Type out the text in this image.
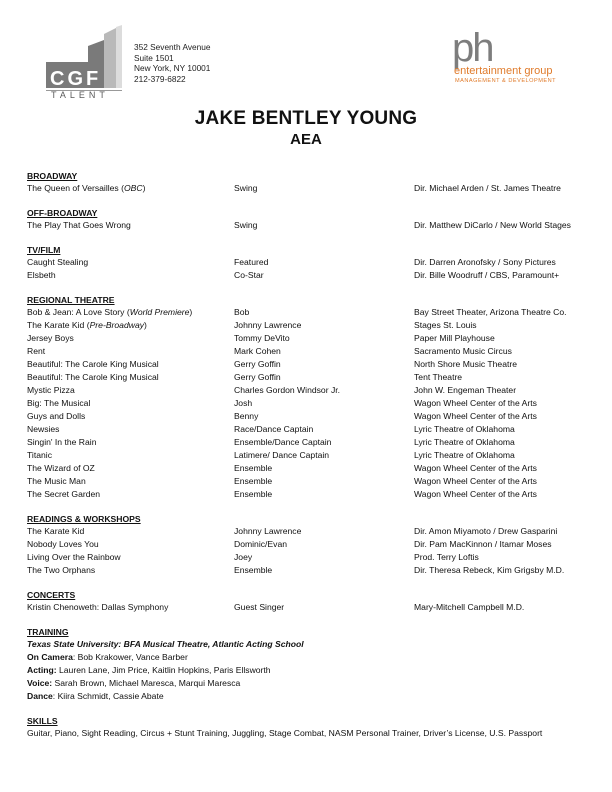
CGF
TALENT
352 Seventh Avenue
Suite 1501
New York, NY 10001
212-379-6822
ph
entertainment group
MANAGEMENT & DEVELOPMENT
JAKE BENTLEY YOUNG
AEA
BROADWAY
The Queen of Versailles (OBC)	Swing	Dir. Michael Arden / St. James Theatre
OFF-BROADWAY
The Play That Goes Wrong	Swing	Dir. Matthew DiCarlo / New World Stages
TV/FILM
Caught Stealing	Featured	Dir. Darren Aronofsky / Sony Pictures
Elsbeth	Co-Star	Dir. Bille Woodruff / CBS, Paramount+
REGIONAL THEATRE
Bob & Jean: A Love Story (World Premiere)	Bob	Bay Street Theater, Arizona Theatre Co.
The Karate Kid (Pre-Broadway)	Johnny Lawrence	Stages St. Louis
Jersey Boys	Tommy DeVito	Paper Mill Playhouse
Rent	Mark Cohen	Sacramento Music Circus
Beautiful: The Carole King Musical	Gerry Goffin	North Shore Music Theatre
Beautiful: The Carole King Musical	Gerry Goffin	Tent Theatre
Mystic Pizza	Charles Gordon Windsor Jr.	John W. Engeman Theater
Big: The Musical	Josh	Wagon Wheel Center of the Arts
Guys and Dolls	Benny	Wagon Wheel Center of the Arts
Newsies	Race/Dance Captain	Lyric Theatre of Oklahoma
Singin' In the Rain	Ensemble/Dance Captain	Lyric Theatre of Oklahoma
Titanic	Latimere/ Dance Captain	Lyric Theatre of Oklahoma
The Wizard of OZ	Ensemble	Wagon Wheel Center of the Arts
The Music Man	Ensemble	Wagon Wheel Center of the Arts
The Secret Garden	Ensemble	Wagon Wheel Center of the Arts
READINGS & WORKSHOPS
The Karate Kid	Johnny Lawrence	Dir. Amon Miyamoto / Drew Gasparini
Nobody Loves You	Dominic/Evan	Dir. Pam MacKinnon / Itamar Moses
Living Over the Rainbow	Joey	Prod. Terry Loftis
The Two Orphans	Ensemble	Dir. Theresa Rebeck, Kim Grigsby M.D.
CONCERTS
Kristin Chenoweth: Dallas Symphony	Guest Singer	Mary-Mitchell Campbell M.D.
TRAINING
Texas State University: BFA Musical Theatre, Atlantic Acting School
On Camera: Bob Krakower, Vance Barber
Acting: Lauren Lane, Jim Price, Kaitlin Hopkins, Paris Ellsworth
Voice: Sarah Brown, Michael Maresca, Marqui Maresca
Dance: Kiira Schmidt, Cassie Abate
SKILLS
Guitar, Piano, Sight Reading, Circus + Stunt Training, Juggling, Stage Combat, NASM Personal Trainer, Driver’s License, U.S. Passport
